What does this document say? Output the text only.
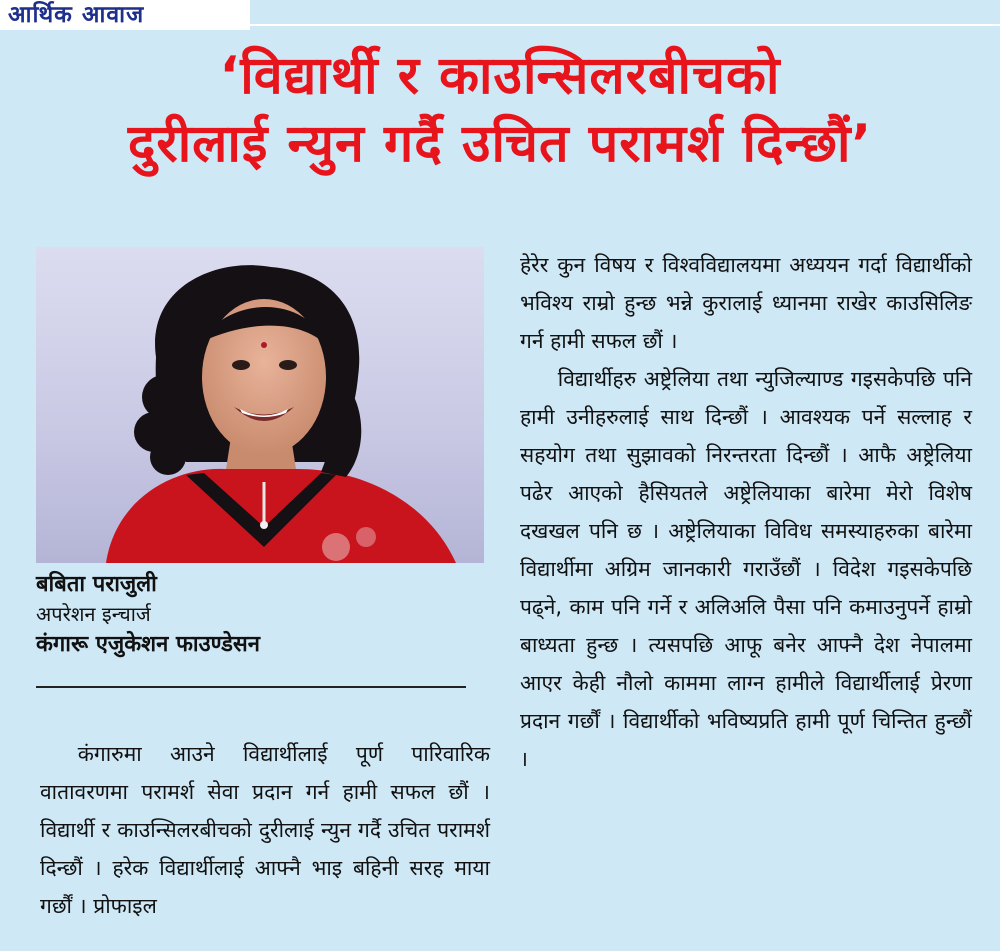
आर्थिक आवाज
‘विद्यार्थी र काउन्सिलरबीचको
दुरीलाई न्युन गर्दै उचित परामर्श दिन्छौं’
बबिता पराजुली
अपरेशन इन्चार्ज
कंगारू एजुकेशन फाउण्डेसन

कंगारुमा आउने विद्यार्थीलाई पूर्ण पारिवारिक वातावरणमा परामर्श सेवा प्रदान गर्न हामी सफल छौं । विद्यार्थी र काउन्सिलरबीचको दुरीलाई न्युन गर्दै उचित परामर्श दिन्छौं । हरेक विद्यार्थीलाई आफ्नै भाइ बहिनी सरह माया गर्छौं । प्रोफाइल

हेरेर कुन विषय र विश्वविद्यालयमा अध्ययन गर्दा विद्यार्थीको भविश्य राम्रो हुन्छ भन्ने कुरालाई ध्यानमा राखेर काउसिलिङ गर्न हामी सफल छौं ।

विद्यार्थीहरु अष्ट्रेलिया तथा न्युजिल्याण्ड गइसकेपछि पनि हामी उनीहरुलाई साथ दिन्छौं । आवश्यक पर्ने सल्लाह र सहयोग तथा सुझावको निरन्तरता दिन्छौं । आफै अष्ट्रेलिया पढेर आएको हैसियतले अष्ट्रेलियाका बारेमा मेरो विशेष दखखल पनि छ । अष्ट्रेलियाका विविध समस्याहरुका बारेमा विद्यार्थीमा अग्रिम जानकारी गराउँछौं । विदेश गइसकेपछि पढ्ने, काम पनि गर्ने र अलिअलि पैसा पनि कमाउनुपर्ने हाम्रो बाध्यता हुन्छ । त्यसपछि आफू बनेर आफ्नै देश नेपालमा आएर केही नौलो काममा लाग्न हामीले विद्यार्थीलाई प्रेरणा प्रदान गर्छौं । विद्यार्थीको भविष्यप्रति हामी पूर्ण चिन्तित हुन्छौं ।
